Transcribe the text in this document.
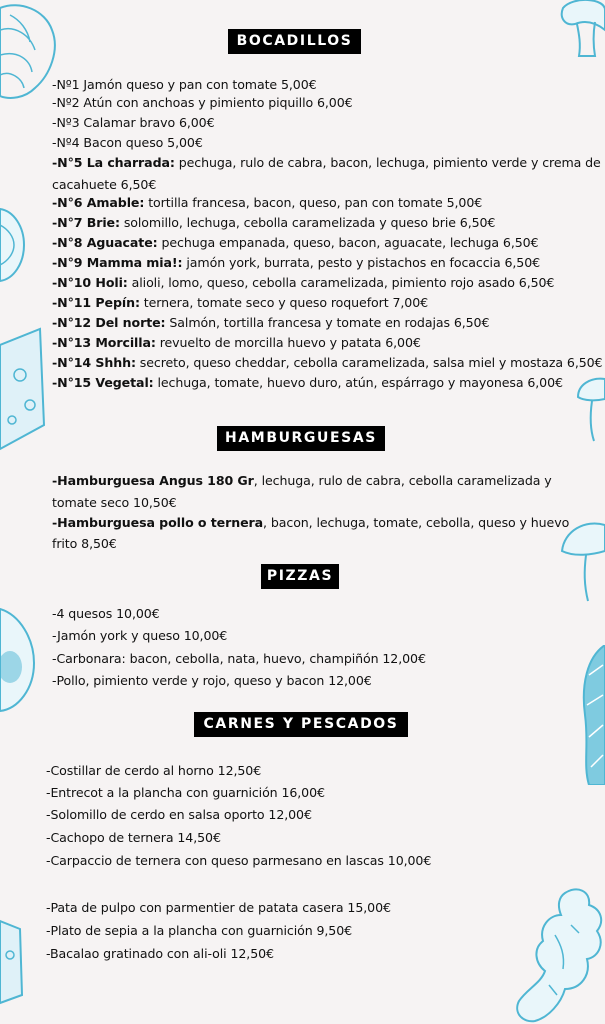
BOCADILLOS
-Nº1 Jamón queso y pan con tomate 5,00€
-Nº2 Atún con anchoas y pimiento piquillo 6,00€
-Nº3 Calamar bravo 6,00€
-Nº4 Bacon queso 5,00€
-N°5 La charrada: pechuga, rulo de cabra, bacon, lechuga, pimiento verde y crema de
cacahuete 6,50€
-N°6 Amable: tortilla francesa, bacon, queso, pan con tomate 5,00€
-N°7 Brie: solomillo, lechuga, cebolla caramelizada y queso brie 6,50€
-N°8 Aguacate: pechuga empanada, queso, bacon, aguacate, lechuga 6,50€
-N°9 Mamma mia!: jamón york, burrata, pesto y pistachos en focaccia 6,50€
-N°10 Holi: alioli, lomo, queso, cebolla caramelizada, pimiento rojo asado 6,50€
-N°11 Pepín: ternera, tomate seco y queso roquefort 7,00€
-N°12 Del norte: Salmón, tortilla francesa y tomate en rodajas 6,50€
-N°13 Morcilla: revuelto de morcilla huevo y patata 6,00€
-N°14 Shhh: secreto, queso cheddar, cebolla caramelizada, salsa miel y mostaza 6,50€
-N°15 Vegetal: lechuga, tomate, huevo duro, atún, espárrago y mayonesa 6,00€
HAMBURGUESAS
-Hamburguesa Angus 180 Gr, lechuga, rulo de cabra, cebolla caramelizada y
tomate seco 10,50€
-Hamburguesa pollo o ternera, bacon, lechuga, tomate, cebolla, queso y huevo
frito 8,50€
PIZZAS
-4 quesos 10,00€
-Jamón york y queso 10,00€
-Carbonara: bacon, cebolla, nata, huevo, champiñón 12,00€
-Pollo, pimiento verde y rojo, queso y bacon 12,00€
CARNES Y PESCADOS
-Costillar de cerdo al horno 12,50€
-Entrecot a la plancha con guarnición 16,00€
-Solomillo de cerdo en salsa oporto 12,00€
-Cachopo de ternera 14,50€
-Carpaccio de ternera con queso parmesano en lascas 10,00€
-Pata de pulpo con parmentier de patata casera 15,00€
-Plato de sepia a la plancha con guarnición 9,50€
-Bacalao gratinado con ali-oli 12,50€
